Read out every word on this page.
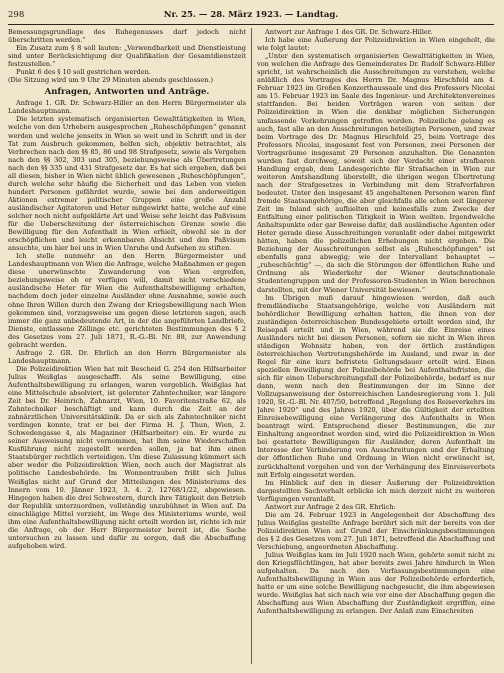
298	Nr. 25. — 28. März 1923. — Landtag.

Bemessungsgrundlage des Ruhegenusses darf jedoch nicht überschritten werden.“

Ein Zusatz zum § 8 soll lauten: „Verwendbarkeit und Dienstleistung sind unter Berücksichtigung der Qualifikation der Gesamtdienstzeit festzustellen.“

Punkt 6 des § 10 soll gestrichen werden.

(Die Sitzung wird um 9 Uhr 29 Minuten abends geschlossen.)

Anfragen, Antworten und Anträge.

Anfrage 1. GR. Dr. Schwarz-Hiller an den Herrn Bürgermeister als Landeshauptmann.

Die letzten systematisch organisierten Gewalttätigkeiten in Wien, welche von den Urhebern ausgesprochen „Ruheschöpfungen“ genannt werden und welche jenseits in Wien so weit und in Schrift und in der Tat zum Ausbruch gekommen, helfen sich, objektiv betrachtet, als Verbrechen nach den §§ 85, 86 und 98 Strafgesetz, sowie als Vergehen nach den §§ 302, 303 und 305, beziehungsweise als Übertretungen nach den §§ 335 und 431 Strafgesetz dar. Es hat sich ergeben, daß bei all diesen, bisher in Wien nicht üblich gewesenen „Ruheschöpfungen“, durch welche sehr häufig die Sicherheit und das Leben von vielen hundert Personen gefährdet wurde, sowie bei den anderweitigen Aktionen extremer politischer Gruppen eine große Anzahl ausländischer Agitatoren und Heter mitgewirkt hatte, welche auf eine solcher noch nicht aufgeklärte Art und Weise sehr leicht das Paßvisum für die Ueberschreitung der österreichischen Grenze sowie die Bewilligung für den Aufenthalt in Wien erhielt, obwohl sie in der erschöpflichen und leicht erkennbaren Absicht und den Paßvisum ansuchte, um hier bei uns in Wien Unruhe und Aufsehen zu stiften.

Ich stelle nunmehr an den Herrn Bürgermeister und Landeshauptmann von Wien die Anfrage, welche Maßnahmen er gegen diese unerwünschte Zuwanderung von Wien ergreifen, beziehungsweise ob er verfügen will, damit nicht verschiedene ausländische Heter für Wien die Aufenthaltsbewilligung erhalten, nachdem doch jeder einzelne Ausländer ohne Ausnahme, sowie auch ohne Ihren Willen durch den Zwang der Kriegsbewilligung nach Wien gekommen sind, vorzugsweise um gegen diese letzteren sagen, auch immer die ganz unbedeutende Art, in der die angeführten Landbriefe, Dienste, entlassene Zöllinge etc. gerichteten Bestimmungen des § 2 des Gesetzes vom 27. Juli 1871, R.-G.-Bl. Nr. 88, zur Anwendung gebracht werden.

Anfrage 2. GR. Dr. Ehrlich an den Herrn Bürgermeister als Landeshauptmann.

Die Polizeidirektion Wien hat mit Bescheid G. 254 den Hilfsarbeiter Julius Weißglas ausgeschafft. Als seine Bewilligung, eine Aufenthaltsbewilligung zu erlangen, waren vergeblich. Weißglas hat eine Mittelschule absolviert, ist gelernter Zahntechniker, war längere Zeit bei Dr. Heinrich, Zahnarzt, Wien, 10. Favoritenstraße 62, als Zahntechniker beschäftigt und kann durch die Zeit an der zahnärztlichen Universitätsklinik. Da er sich als Zahntechniker nicht verdingen konnte, trat er bei der Firma H. J. Thun, Wien, 2. Schwedengasse 4, als Magaziner (Hilfsarbeiter) ein. Er wurde zu seiner Ausweisung nicht vernommen, hat ihm seine Wiederschaffen Kusführung nicht zugestellt werden sollen, ja hat ihm einen Staatsbürger rechtlich verteidigen. Um diese Zulassung kümmert sich aber weder die Polizeidirektion Wien, noch auch der Magistrat als politische Landesbehörde. Im Wonnentrauben frißt sich Julius Weißglas nicht auf Grund der Mitteilungen des Ministeriums des Innern vom 10. Jänner 1923, 3. 4. 2. 12768/1/22, abgewiesen. Hingegen haben die drei Schwestern, durch ihre Tätigkeit den Betrieb der Republik unterzuordnen, vollständig unzubühnet in Wien auf. Da einschlägige Mittel vorzieht, im Wege des Ministeriums wurde, weil ihm eine Aufenthaltsbewilligung nicht erteilt worden ist, richte ich mir die Anfrage, ob der Herr Bürgermeister bereit ist, die Sache untersuchen zu lassen und dafür zu sorgen, daß die Abschaffung aufgehoben wird.

Antwort zur Anfrage 1 des GR. Dr. Schwarz-Hiller.

Ich habe eine Äußerung der Polizeidirektion in Wien eingeholt, die wie folgt lautet:

„Unter den systematisch organisierten Gewalttätigkeiten in Wien, von welchen die Anfrage des Gemeinderates Dr. Rudolf Schwarz-Hiller spricht, ist wahrscheinlich die Ausschreitungen zu verstehen, welche anläßlich des Vortrages des Herrn Dr. Magnus Hirschfeld am 4. Februar 1923 im Großen Konzerthaussaale und des Professors Nicolai am 15. Februar 1923 im Saale des Ingenieur- und Architektenvereines stattfanden. Bei beiden Vorträgen waren von seiten der Polizeidirektion in Wien die denkbar möglichen Sicherungen umfassende Vorkehrungen getroffen worden. Polizeiliche gelang es auch, fast alle an den Ausschreitungen beteiligten Personen, und zwar beim Vortrage des Dr. Magnus Hirschfeld 25, beim Vortrage des Professors Nicolai, insgesamt fest von Personen, zwei Personen der Vortragsräume insgesamt 29 Personen anzuhalten. Die Genannten wurden fast durchweg, soweit sich der Verdacht einer strafbaren Handlung ergab, dem Landesgerichte für Strafsachen in Wien zur weiteren Amtshandlung überstellt, die übrigen wegen Übertretung nach der Strafgesetzes in Verbindung mit dem Strafverfahren bedeutet. Unter den insgesamt 45 angehaltenen Personen waren fünf fremde Staatsangehörige, die aber gleichfalls alle schon seit längerer Zeit im Inland sich aufhielten und keinesfalls zum Zwecke der Entfaltung einer politischen Tätigkeit in Wien weilten. Irgendwelche Anhaltspunkte oder gar Beweise dafür, daß ausländische Agenten oder Heter gerade diese Ausschreitungen veranlaßt oder dabei mitgewirkt hätten, haben die polizeilichen Erhebungen nicht ergeben. Die Beziehung der Ausschreitungen selbst als „Ruheschöpfungen“ ist ebenfalls ganz abwegig; wie der Intervallant behauptet — „ruheschüchtig“ —, da sich die Störungen der öffentlichen Ruhe und Ordnung als Wiederkehr der Wiener deutschnationale Studentengruppen und der Professoren-Studenten in Wien berechnen darstellten, mit der Wiener Universität bewiesen.“

Im Übrigen muß darauf hingewiesen werden, daß auch fremdländische Staatsangehörige, welche von Ausländern mit behördlicher Bewilligung erhalten hatten, die ihnen von der zuständigen österreichischen Bundesgebiete erteilt worden sind, ihr Reisepaß erteilt und in Wien, während sie die Einreise eines Ausländers nicht bei diesen Personen, sofern sie nicht in Wien ihren ständigen Wohnsitz haben, von der örtlich zuständigen österreichischen Vertretungsbehörde im Ausland, und zwar in der Regel für eine kurz befristete Geltungsdauer erteilt wird. Einen speziellen Bewilligung der Polizeibehörde bei Aufenthaltsfristen, die sich für einen Ueberschreitungsfall der Polizeibehörde, bedarf es nur dann, wenn nach den Bestimmungen der im Sinne der Vollzugsanweisung der österreichischen Landesregierung vom 1. Juli 1920, St.-G.-Bl. Nr. 407/50, betreffend „Regelung des Reiseverkehrs im Jahre 1920“ und des Jahres 1920, über die Gültigkeit der erteilten Einreisebewilligung eine Verlängerung des Aufenthalts in Wien beantragt wird. Entsprechend dieser Bestimmungen, die zur Einhaltung angeordnet worden sind, wird die Polizeidirektion in Wien bei gestattete Bewilligungen für Ausländer, deren Aufenthalt im Interesse der Verhinderung von Ausschreitungen und der Erhaltung der öffentlichen Ruhe und Ordnung in Wien nicht erwünscht ist, zurückhaltend vorgehen und von der Verhängung des Einreiseverbots mit Erfolg eingesetzt werden.

Im Hinblick auf den in dieser Äußerung der Polizeidirektion dargestellten Sachverhalt erblicke ich mich derzeit nicht zu weiteren Verfügungen veranlaßt.

Antwort zur Anfrage 2 des GR. Ehrlich:

Die am 24. Februar 1923 in Angelegenheit der Abschaffung des Julius Weißglas gestellte Anfrage berührt sich mit der bereits von der Polizeidirektion Wien auf Grund der Einschränkungsbestimmungen des § 2 des Gesetzes vom 27. Juli 1871, betreffend die Abschaffung und Verschiebung, angeordneten Abschaffung.

Julius Weißglas kam im Juli 1920 nach Wien, gehörte somit nicht zu den Kriegsflüchtlingen, hat aber bereits zwei Jahre hindurch in Wien aufgehalten. Da nach den Verfassungsbestimmungen eine Aufenthaltsbewilligung in Wien aus der Polizeibehörde erforderlich, hatte er um eine solche Bewilligung nachgesucht, die ihm abgewiesen wurde. Weißglas hat sich nach wie vor eine der Abschaffung gegen die Abschaffung aus Wien Abschaffung der Zuständigkeit ergriffen, eine Aufenthaltsbewilligung zu erlangen. Der Anlaß zum Einschreiten
